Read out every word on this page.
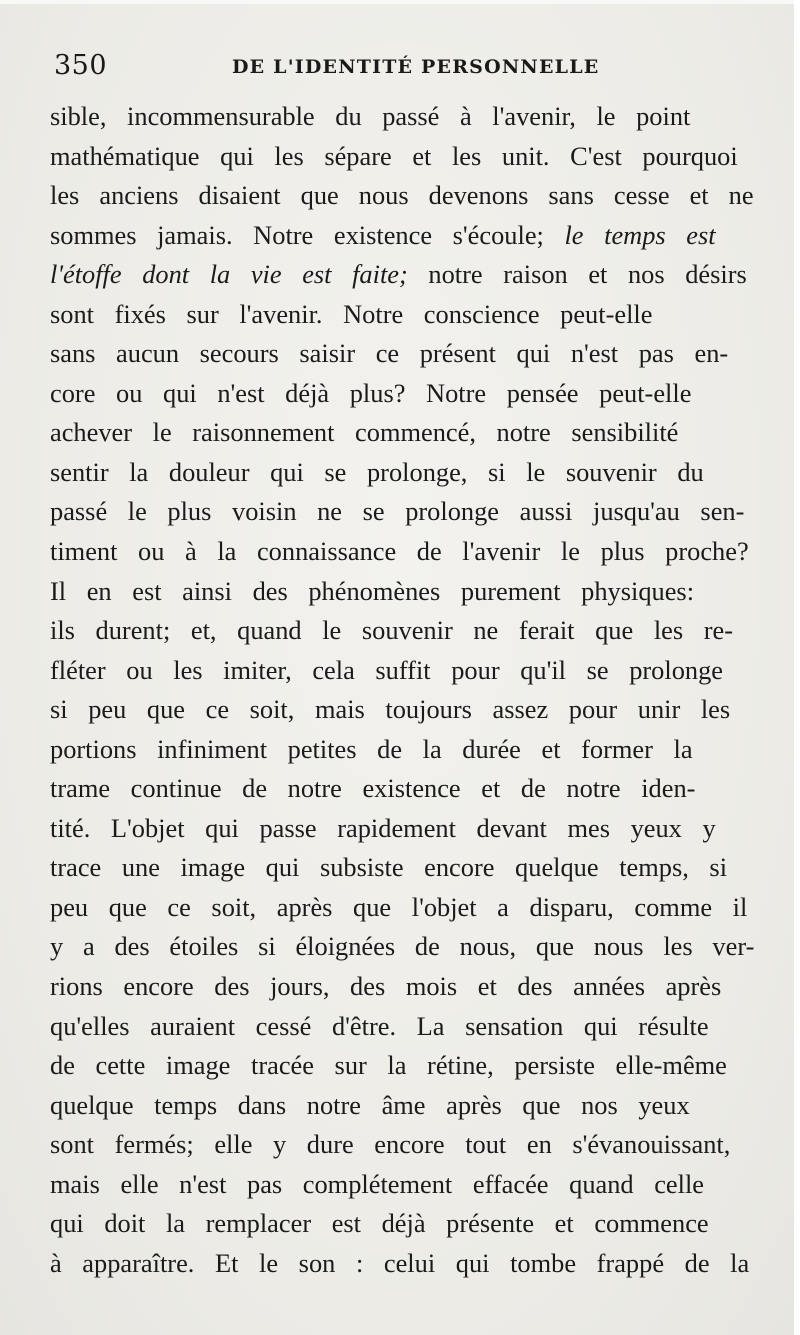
350	DE L'IDENTITÉ PERSONNELLE
sible, incommensurable du passé à l'avenir, le point
mathématique qui les sépare et les unit. C'est pourquoi
les anciens disaient que nous devenons sans cesse et ne
sommes jamais. Notre existence s'écoule; le temps est
l'étoffe dont la vie est faite; notre raison et nos désirs
sont fixés sur l'avenir. Notre conscience peut-elle
sans aucun secours saisir ce présent qui n'est pas en-
core ou qui n'est déjà plus? Notre pensée peut-elle
achever le raisonnement commencé, notre sensibilité
sentir la douleur qui se prolonge, si le souvenir du
passé le plus voisin ne se prolonge aussi jusqu'au sen-
timent ou à la connaissance de l'avenir le plus proche?
Il en est ainsi des phénomènes purement physiques:
ils durent; et, quand le souvenir ne ferait que les re-
fléter ou les imiter, cela suffit pour qu'il se prolonge
si peu que ce soit, mais toujours assez pour unir les
portions infiniment petites de la durée et former la
trame continue de notre existence et de notre iden-
tité. L'objet qui passe rapidement devant mes yeux y
trace une image qui subsiste encore quelque temps, si
peu que ce soit, après que l'objet a disparu, comme il
y a des étoiles si éloignées de nous, que nous les ver-
rions encore des jours, des mois et des années après
qu'elles auraient cessé d'être. La sensation qui résulte
de cette image tracée sur la rétine, persiste elle-même
quelque temps dans notre âme après que nos yeux
sont fermés; elle y dure encore tout en s'évanouissant,
mais elle n'est pas complétement effacée quand celle
qui doit la remplacer est déjà présente et commence
à apparaître. Et le son : celui qui tombe frappé de la
